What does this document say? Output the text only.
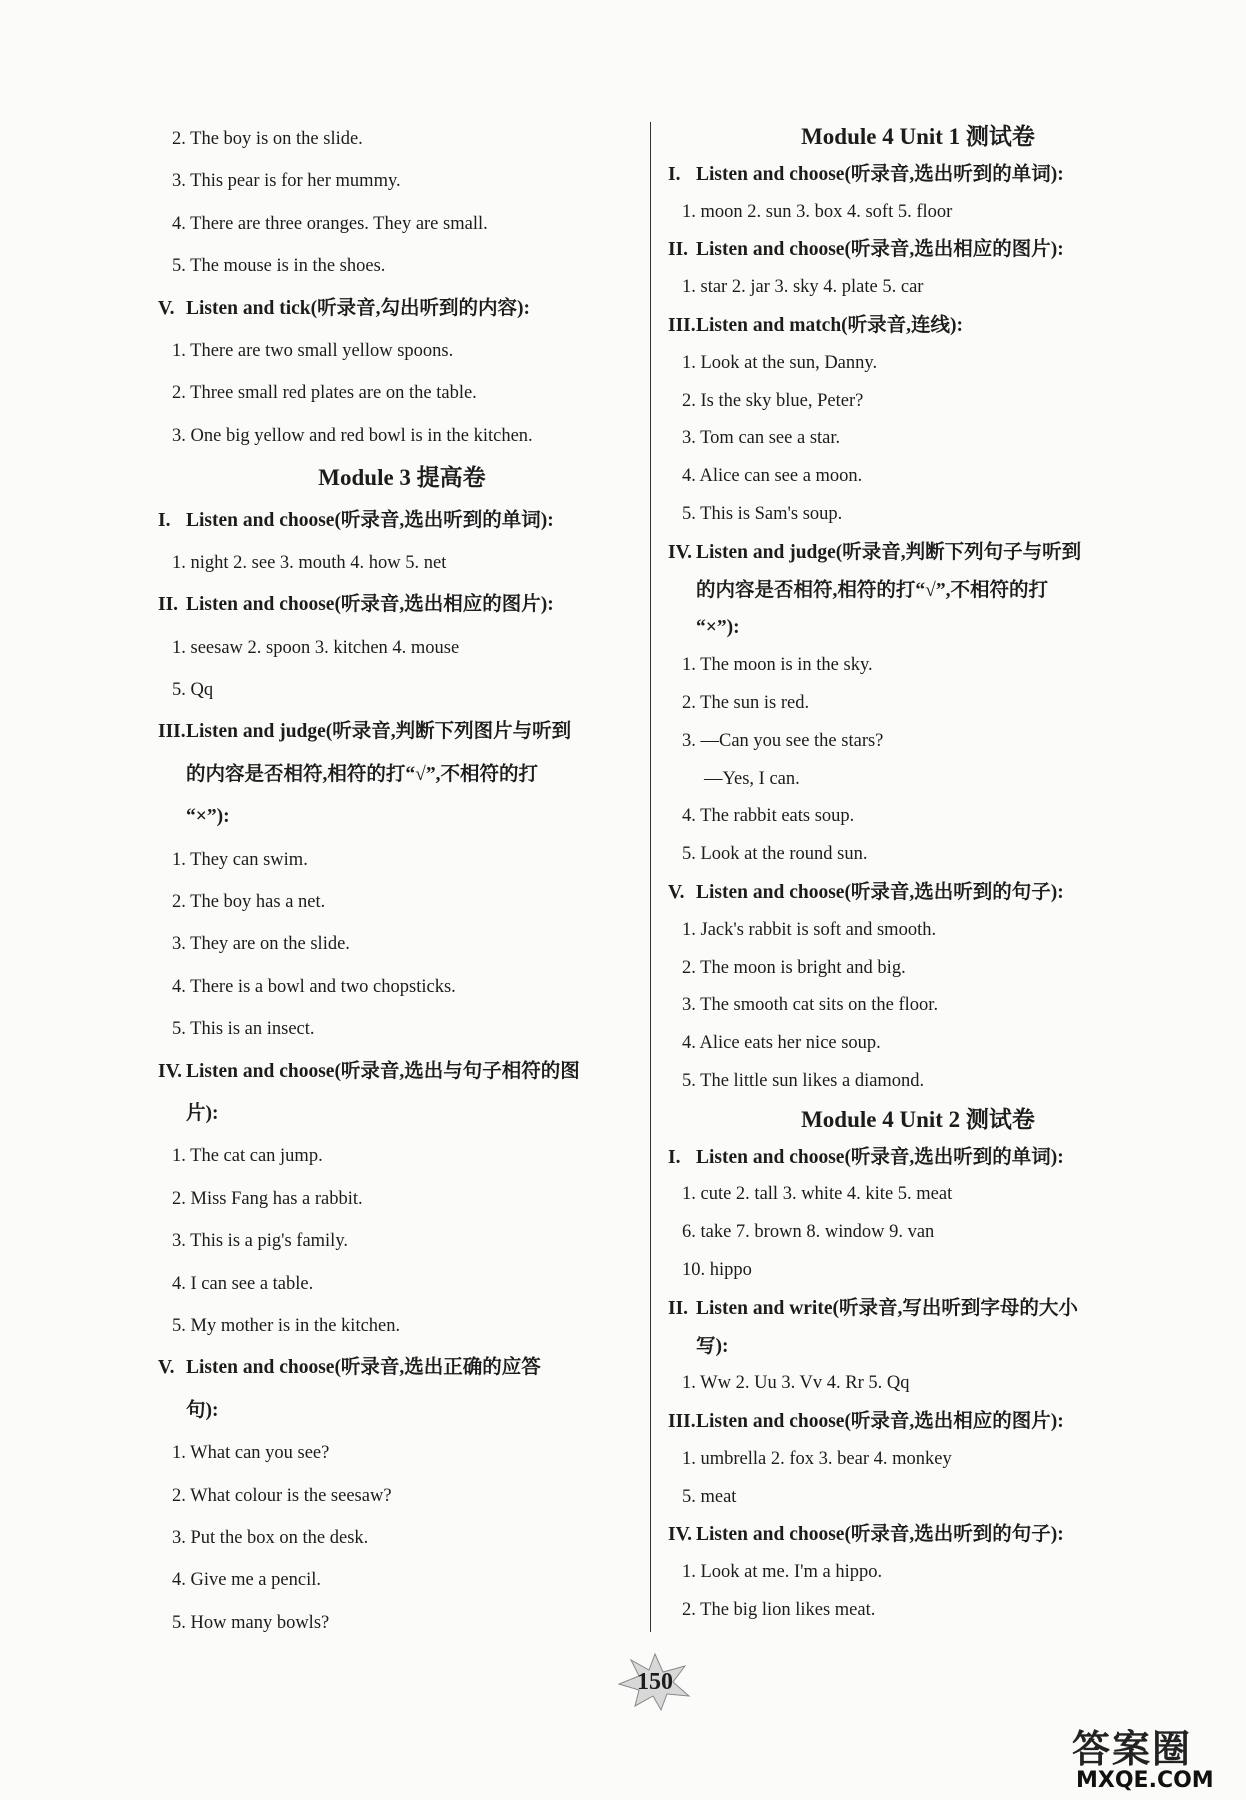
2. The boy is on the slide.
3. This pear is for her mummy.
4. There are three oranges. They are small.
5. The mouse is in the shoes.
V. Listen and tick(听录音,勾出听到的内容):
1. There are two small yellow spoons.
2. Three small red plates are on the table.
3. One big yellow and red bowl is in the kitchen.
Module 3 提高卷
I. Listen and choose(听录音,选出听到的单词):
1. night 2. see 3. mouth 4. how 5. net
II. Listen and choose(听录音,选出相应的图片):
1. seesaw 2. spoon 3. kitchen 4. mouse
5. Qq
III.Listen and judge(听录音,判断下列图片与听到
的内容是否相符,相符的打“√”,不相符的打
“×”):
1. They can swim.
2. The boy has a net.
3. They are on the slide.
4. There is a bowl and two chopsticks.
5. This is an insect.
IV. Listen and choose(听录音,选出与句子相符的图
片):
1. The cat can jump.
2. Miss Fang has a rabbit.
3. This is a pig's family.
4. I can see a table.
5. My mother is in the kitchen.
V. Listen and choose(听录音,选出正确的应答
句):
1. What can you see?
2. What colour is the seesaw?
3. Put the box on the desk.
4. Give me a pencil.
5. How many bowls?
Module 4 Unit 1 测试卷
I. Listen and choose(听录音,选出听到的单词):
1. moon 2. sun 3. box 4. soft 5. floor
II. Listen and choose(听录音,选出相应的图片):
1. star 2. jar 3. sky 4. plate 5. car
III.Listen and match(听录音,连线):
1. Look at the sun, Danny.
2. Is the sky blue, Peter?
3. Tom can see a star.
4. Alice can see a moon.
5. This is Sam's soup.
IV. Listen and judge(听录音,判断下列句子与听到
的内容是否相符,相符的打“√”,不相符的打
“×”):
1. The moon is in the sky.
2. The sun is red.
3. —Can you see the stars?
—Yes, I can.
4. The rabbit eats soup.
5. Look at the round sun.
V. Listen and choose(听录音,选出听到的句子):
1. Jack's rabbit is soft and smooth.
2. The moon is bright and big.
3. The smooth cat sits on the floor.
4. Alice eats her nice soup.
5. The little sun likes a diamond.
Module 4 Unit 2 测试卷
I. Listen and choose(听录音,选出听到的单词):
1. cute 2. tall 3. white 4. kite 5. meat
6. take 7. brown 8. window 9. van
10. hippo
II. Listen and write(听录音,写出听到字母的大小
写):
1. Ww 2. Uu 3. Vv 4. Rr 5. Qq
III.Listen and choose(听录音,选出相应的图片):
1. umbrella 2. fox 3. bear 4. monkey
5. meat
IV. Listen and choose(听录音,选出听到的句子):
1. Look at me. I'm a hippo.
2. The big lion likes meat.
150
答案圈
MXQE.COM
